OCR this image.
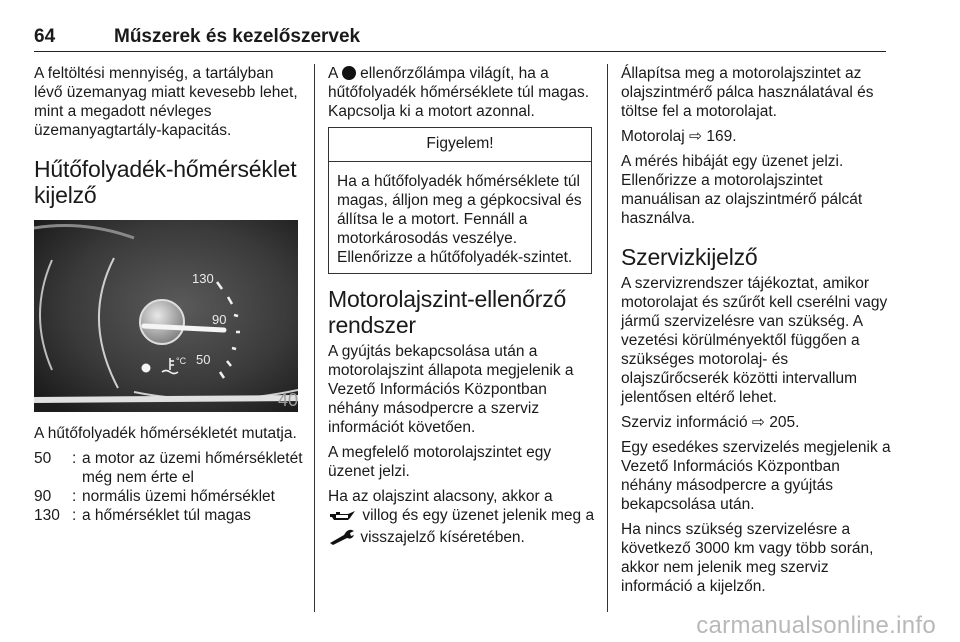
64	Műszerek és kezelőszervek

A feltöltési mennyiség, a tartályban lévő üzemanyag miatt kevesebb lehet, mint a megadott névleges üzemanyagtartály-kapacitás.

Hűtőfolyadék-hőmérséklet kijelző
130
90
50
°C
40

A hűtőfolyadék hőmérsékletét mutatja.

50	: a motor az üzemi hőmérsékletét még nem érte el
90	: normális üzemi hőmérséklet
130 : a hőmérséklet túl magas

A ellenőrzőlámpa világít, ha a hűtőfolyadék hőmérséklete túl magas. Kapcsolja ki a motort azonnal.

Figyelem!
Ha a hűtőfolyadék hőmérséklete túl magas, álljon meg a gépkocsival és állítsa le a motort. Fennáll a motorkárosodás veszélye. Ellenőrizze a hűtőfolyadék-szintet.
Motorolajszint-ellenőrző rendszer

A gyújtás bekapcsolása után a motorolajszint állapota megjelenik a Vezető Információs Központban néhány másodpercre a szerviz információt követően.

A megfelelő motorolajszintet egy üzenet jelzi.

Ha az olajszint alacsony, akkor a
villog és egy üzenet jelenik meg a
visszajelző kíséretében.

Állapítsa meg a motorolajszintet az olajszintmérő pálca használatával és töltse fel a motorolajat.

Motorolaj ⇨ 169.

A mérés hibáját egy üzenet jelzi. Ellenőrizze a motorolajszintet manuálisan az olajszintmérő pálcát használva.

Szervizkijelző

A szervizrendszer tájékoztat, amikor motorolajat és szűrőt kell cserélni vagy jármű szervizelésre van szükség. A vezetési körülményektől függően a szükséges motorolaj- és olajszűrőcserék közötti intervallum jelentősen eltérő lehet.

Szerviz információ ⇨ 205.

Egy esedékes szervizelés megjelenik a Vezető Információs Központban néhány másodpercre a gyújtás bekapcsolása után.

Ha nincs szükség szervizelésre a következő 3000 km vagy több során, akkor nem jelenik meg szerviz információ a kijelzőn.

carmanualsonline.info
